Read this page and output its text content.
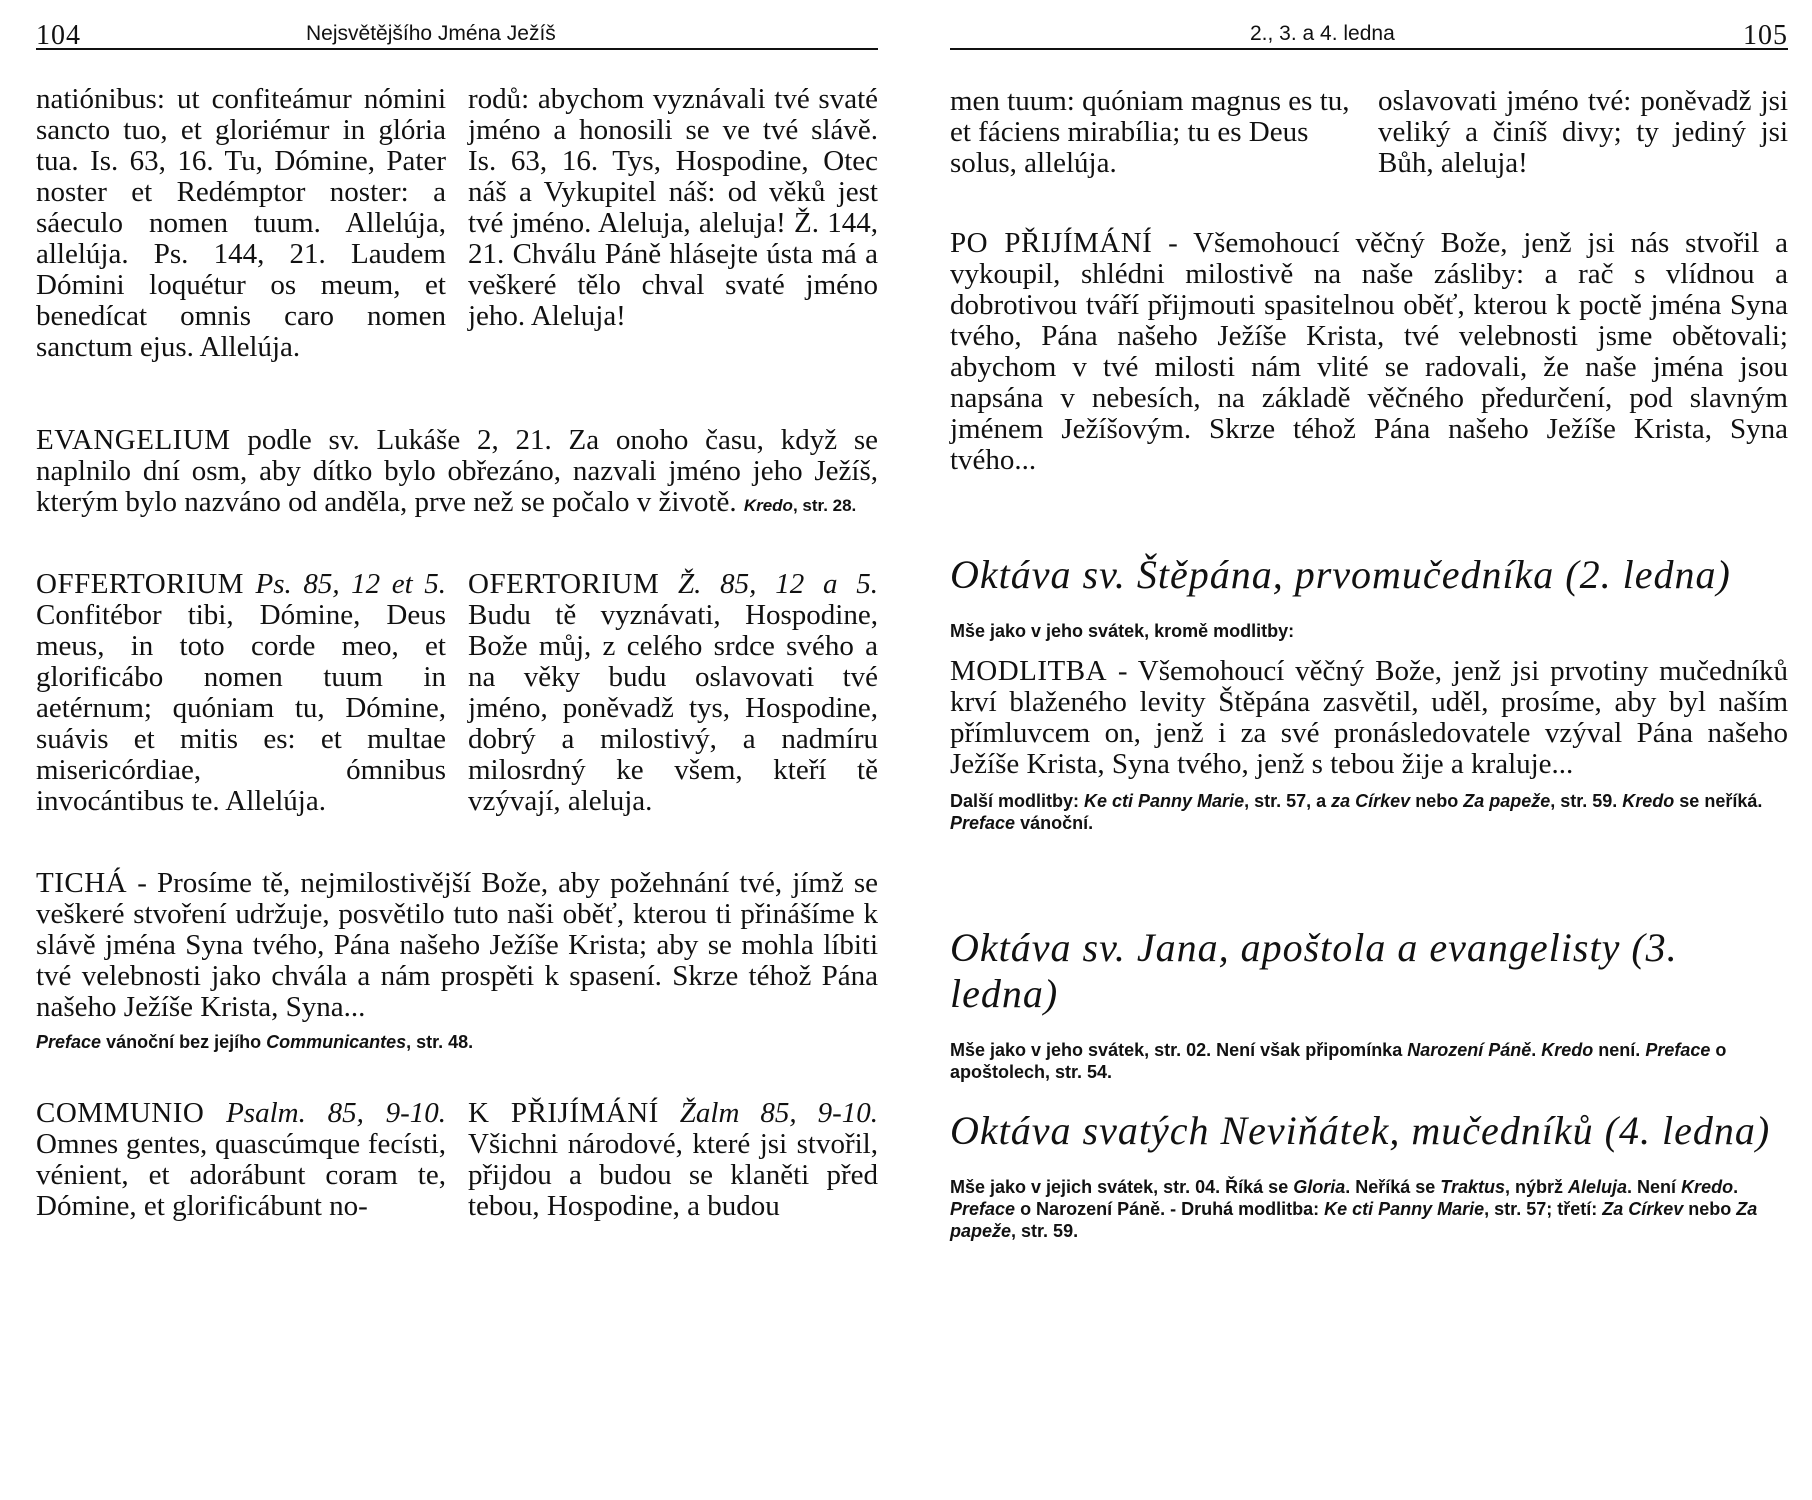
104	Nejsvětějšího Jména Ježíš

natiónibus: ut confiteámur nómini sancto tuo, et gloriémur in glória tua. Is. 63, 16. Tu, Dómine, Pater noster et Redémptor noster: a sáeculo nomen tuum. Allelúja, allelúja. Ps. 144, 21. Laudem Dómini loquétur os meum, et benedícat omnis caro nomen sanctum ejus. Allelúja.

rodů: abychom vyznávali tvé svaté jméno a honosili se ve tvé slávě. Is. 63, 16. Tys, Hospodine, Otec náš a Vykupitel náš: od věků jest tvé jméno. Aleluja, aleluja! Ž. 144, 21. Chválu Páně hlásejte ústa má a veškeré tělo chval svaté jméno jeho. Aleluja!

EVANGELIUM podle sv. Lukáše 2, 21. Za onoho času, když se naplnilo dní osm, aby dítko bylo obřezáno, nazvali jméno jeho Ježíš, kterým bylo nazváno od anděla, prve než se počalo v životě. Kredo, str. 28.

OFFERTORIUM Ps. 85, 12 et 5. Confitébor tibi, Dómine, Deus meus, in toto corde meo, et glorificábo nomen tuum in aetérnum; quóniam tu, Dómine, suávis et mitis es: et multae misericórdiae, ómnibus invocántibus te. Allelúja.

OFERTORIUM Ž. 85, 12 a 5. Budu tě vyznávati, Hospodine, Bože můj, z celého srdce svého a na věky budu oslavovati tvé jméno, poněvadž tys, Hospodine, dobrý a milostivý, a nadmíru milosrdný ke všem, kteří tě vzývají, aleluja.

TICHÁ - Prosíme tě, nejmilostivější Bože, aby požehnání tvé, jímž se veškeré stvoření udržuje, posvětilo tuto naši oběť, kterou ti přinášíme k slávě jména Syna tvého, Pána našeho Ježíše Krista; aby se mohla líbiti tvé velebnosti jako chvála a nám prospěti k spasení. Skrze téhož Pána našeho Ježíše Krista, Syna...

Preface vánoční bez jejího Communicantes, str. 48.

COMMUNIO Psalm. 85, 9-10. Omnes gentes, quascúmque fecísti, vénient, et adorábunt coram te, Dómine, et glorificábunt no-

K PŘIJÍMÁNÍ Žalm 85, 9-10. Všichni národové, které jsi stvořil, přijdou a budou se klaněti před tebou, Hospodine, a budou

2., 3. a 4. ledna	105

men tuum: quóniam magnus es tu, et fáciens mirabília; tu es Deus solus, allelúja.

oslavovati jméno tvé: poněvadž jsi veliký a činíš divy; ty jediný jsi Bůh, aleluja!

PO PŘIJÍMÁNÍ - Všemohoucí věčný Bože, jenž jsi nás stvořil a vykoupil, shlédni milostivě na naše zásliby: a rač s vlídnou a dobrotivou tváří přijmouti spasitelnou oběť, kterou k poctě jména Syna tvého, Pána našeho Ježíše Krista, tvé velebnosti jsme obětovali; abychom v tvé milosti nám vlité se radovali, že naše jména jsou napsána v nebesích, na základě věčného předurčení, pod slavným jménem Ježíšovým. Skrze téhož Pána našeho Ježíše Krista, Syna tvého...

Oktáva sv. Štěpána, prvomučedníka (2. ledna)

Mše jako v jeho svátek, kromě modlitby:

MODLITBA - Všemohoucí věčný Bože, jenž jsi prvotiny mučedníků krví blaženého levity Štěpána zasvětil, uděl, prosíme, aby byl naším přímluvcem on, jenž i za své pronásledovatele vzýval Pána našeho Ježíše Krista, Syna tvého, jenž s tebou žije a kraluje...

Další modlitby: Ke cti Panny Marie, str. 57, a za Církev nebo Za papeže, str. 59. Kredo se neříká. Preface vánoční.

Oktáva sv. Jana, apoštola a evangelisty (3. ledna)

Mše jako v jeho svátek, str. 02. Není však připomínka Narození Páně. Kredo není. Preface o apoštolech, str. 54.

Oktáva svatých Neviňátek, mučedníků (4. ledna)

Mše jako v jejich svátek, str. 04. Říká se Gloria. Neříká se Traktus, nýbrž Aleluja. Není Kredo. Preface o Narození Páně. - Druhá modlitba: Ke cti Panny Marie, str. 57; třetí: Za Církev nebo Za papeže, str. 59.
